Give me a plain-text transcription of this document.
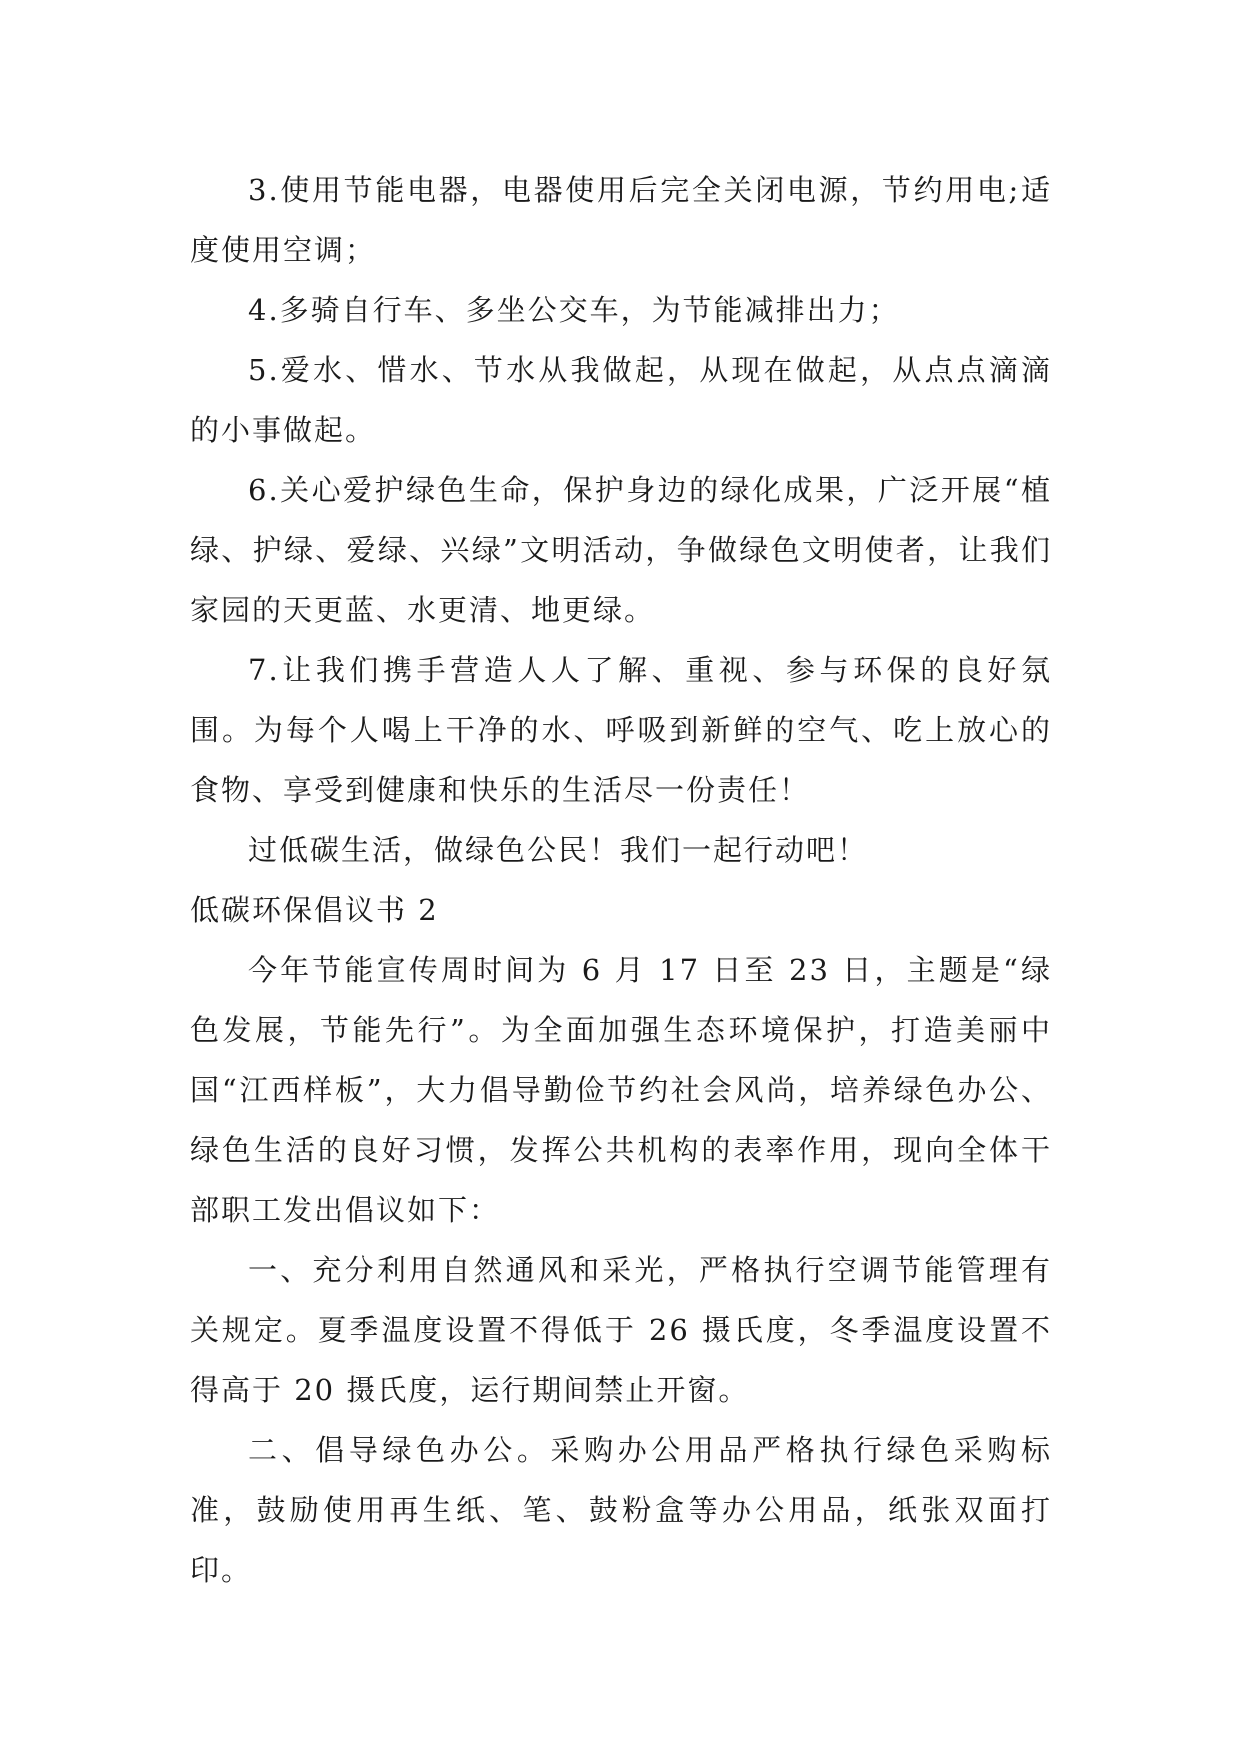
3.使用节能电器，电器使用后完全关闭电源，节约用电;适度使用空调；

4.多骑自行车、多坐公交车，为节能减排出力；

5.爱水、惜水、节水从我做起，从现在做起，从点点滴滴的小事做起。

6.关心爱护绿色生命，保护身边的绿化成果，广泛开展“植绿、护绿、爱绿、兴绿”文明活动，争做绿色文明使者，让我们家园的天更蓝、水更清、地更绿。

7.让我们携手营造人人了解、重视、参与环保的良好氛围。为每个人喝上干净的水、呼吸到新鲜的空气、吃上放心的食物、享受到健康和快乐的生活尽一份责任！

过低碳生活，做绿色公民！我们一起行动吧！

低碳环保倡议书 2

今年节能宣传周时间为 6 月 17 日至 23 日，主题是“绿色发展，节能先行”。为全面加强生态环境保护，打造美丽中国“江西样板”，大力倡导勤俭节约社会风尚，培养绿色办公、绿色生活的良好习惯，发挥公共机构的表率作用，现向全体干部职工发出倡议如下：

一、充分利用自然通风和采光，严格执行空调节能管理有关规定。夏季温度设置不得低于 26 摄氏度，冬季温度设置不得高于 20 摄氏度，运行期间禁止开窗。

二、倡导绿色办公。采购办公用品严格执行绿色采购标准，鼓励使用再生纸、笔、鼓粉盒等办公用品，纸张双面打印。
